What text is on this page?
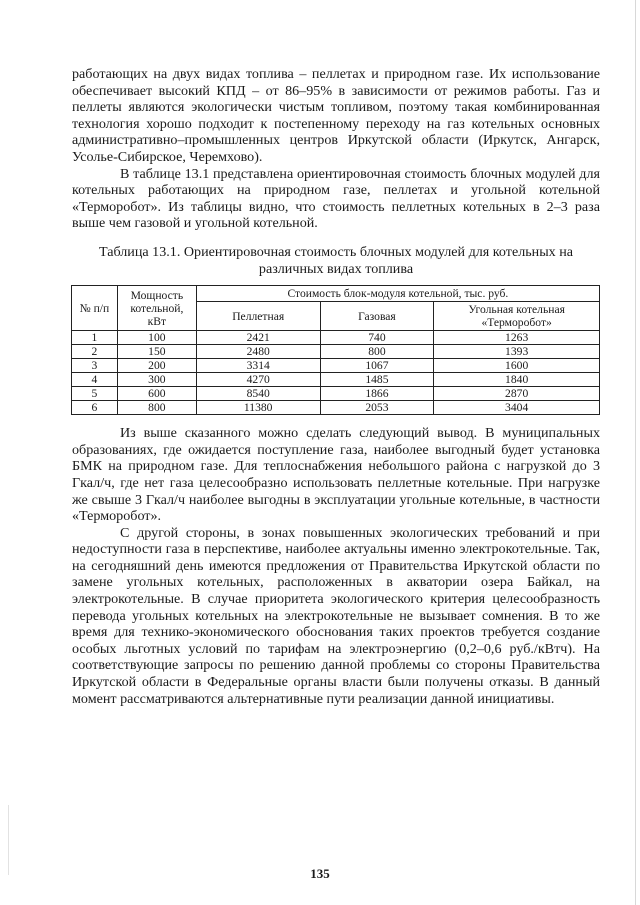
работающих на двух видах топлива – пеллетах и природном газе. Их использование обеспечивает высокий КПД – от 86–95% в зависимости от режимов работы. Газ и пеллеты являются экологически чистым топливом, поэтому такая комбинированная технология хорошо подходит к постепенному переходу на газ котельных основных административно–промышленных центров Иркутской области (Иркутск, Ангарск, Усолье-Сибирское, Черемхово).

В таблице 13.1 представлена ориентировочная стоимость блочных модулей для котельных работающих на природном газе, пеллетах и угольной котельной «Терморобот». Из таблицы видно, что стоимость пеллетных котельных в 2–3 раза выше чем газовой и угольной котельной.

Таблица 13.1. Ориентировочная стоимость блочных модулей для котельных на различных видах топлива

№ п/п	Мощность котельной, кВт	Стоимость блок-модуля котельной, тыс. руб.		
		Пеллетная	Газовая	Угольная котельная «Терморобот»
1	100	2421	740	1263
2	150	2480	800	1393
3	200	3314	1067	1600
4	300	4270	1485	1840
5	600	8540	1866	2870
6	800	11380	2053	3404

Из выше сказанного можно сделать следующий вывод. В муниципальных образованиях, где ожидается поступление газа, наиболее выгодный будет установка БМК на природном газе. Для теплоснабжения небольшого района с нагрузкой до 3 Гкал/ч, где нет газа целесообразно использовать пеллетные котельные. При нагрузке же свыше 3 Гкал/ч наиболее выгодны в эксплуатации угольные котельные, в частности «Терморобот».

С другой стороны, в зонах повышенных экологических требований и при недоступности газа в перспективе, наиболее актуальны именно электрокотельные. Так, на сегодняшний день имеются предложения от Правительства Иркутской области по замене угольных котельных, расположенных в акватории озера Байкал, на электрокотельные. В случае приоритета экологического критерия целесообразность перевода угольных котельных на электрокотельные не вызывает сомнения. В то же время для технико-экономического обоснования таких проектов требуется создание особых льготных условий по тарифам на электроэнергию (0,2–0,6 руб./кВтч). На соответствующие запросы по решению данной проблемы со стороны Правительства Иркутской области в Федеральные органы власти были получены отказы. В данный момент рассматриваются альтернативные пути реализации данной инициативы.

135
